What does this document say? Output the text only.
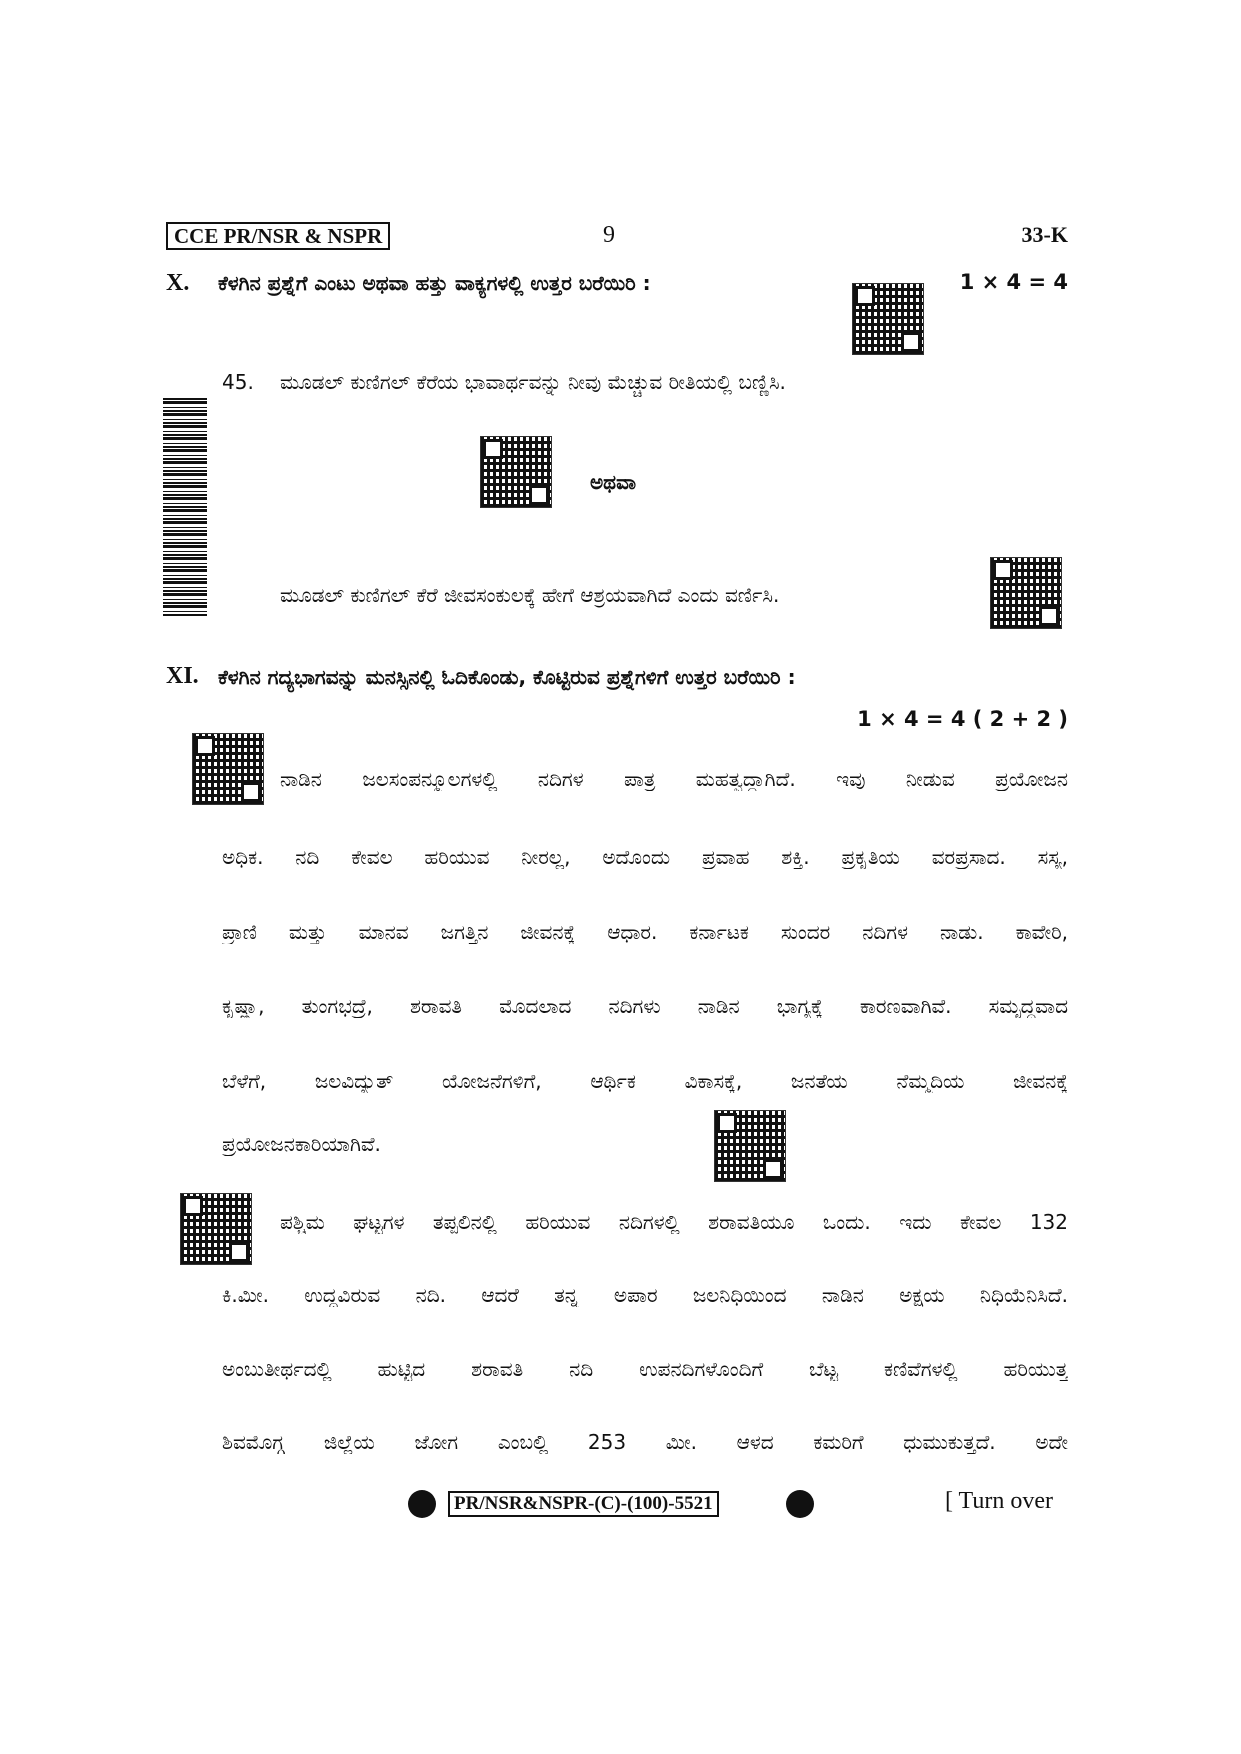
CCE PR/NSR & NSPR	9	33-K
X. ಕೆಳಗಿನ ಪ್ರಶ್ನೆಗೆ ಎಂಟು ಅಥವಾ ಹತ್ತು ವಾಕ್ಯಗಳಲ್ಲಿ ಉತ್ತರ ಬರೆಯಿರಿ :	1 × 4 = 4
45. ಮೂಡಲ್ ಕುಣಿಗಲ್ ಕೆರೆಯ ಭಾವಾರ್ಥವನ್ನು ನೀವು ಮೆಚ್ಚುವ ರೀತಿಯಲ್ಲಿ ಬಣ್ಣಿಸಿ.
ಅಥವಾ
ಮೂಡಲ್ ಕುಣಿಗಲ್ ಕೆರೆ ಜೀವಸಂಕುಲಕ್ಕೆ ಹೇಗೆ ಆಶ್ರಯವಾಗಿದೆ ಎಂದು ವರ್ಣಿಸಿ.
XI. ಕೆಳಗಿನ ಗದ್ಯಭಾಗವನ್ನು ಮನಸ್ಸಿನಲ್ಲಿ ಓದಿಕೊಂಡು, ಕೊಟ್ಟಿರುವ ಪ್ರಶ್ನೆಗಳಿಗೆ ಉತ್ತರ ಬರೆಯಿರಿ :
1 × 4 = 4 ( 2 + 2 )
ನಾಡಿನ ಜಲಸಂಪನ್ಮೂಲಗಳಲ್ಲಿ ನದಿಗಳ ಪಾತ್ರ ಮಹತ್ವದ್ದಾಗಿದೆ. ಇವು ನೀಡುವ ಪ್ರಯೋಜನ
ಅಧಿಕ. ನದಿ ಕೇವಲ ಹರಿಯುವ ನೀರಲ್ಲ, ಅದೊಂದು ಪ್ರವಾಹ ಶಕ್ತಿ. ಪ್ರಕೃತಿಯ ವರಪ್ರಸಾದ. ಸಸ್ಯ,
ಪ್ರಾಣಿ ಮತ್ತು ಮಾನವ ಜಗತ್ತಿನ ಜೀವನಕ್ಕೆ ಆಧಾರ. ಕರ್ನಾಟಕ ಸುಂದರ ನದಿಗಳ ನಾಡು. ಕಾವೇರಿ,
ಕೃಷ್ಣಾ, ತುಂಗಭದ್ರೆ, ಶರಾವತಿ ಮೊದಲಾದ ನದಿಗಳು ನಾಡಿನ ಭಾಗ್ಯಕ್ಕೆ ಕಾರಣವಾಗಿವೆ. ಸಮೃದ್ಧವಾದ
ಬೆಳೆಗೆ, ಜಲವಿದ್ಯುತ್ ಯೋಜನೆಗಳಿಗೆ, ಆರ್ಥಿಕ ವಿಕಾಸಕ್ಕೆ, ಜನತೆಯ ನೆಮ್ಮದಿಯ ಜೀವನಕ್ಕೆ
ಪ್ರಯೋಜನಕಾರಿಯಾಗಿವೆ.
ಪಶ್ಚಿಮ ಘಟ್ಟಗಳ ತಪ್ಪಲಿನಲ್ಲಿ ಹರಿಯುವ ನದಿಗಳಲ್ಲಿ ಶರಾವತಿಯೂ ಒಂದು. ಇದು ಕೇವಲ 132
ಕಿ.ಮೀ. ಉದ್ದವಿರುವ ನದಿ. ಆದರೆ ತನ್ನ ಅಪಾರ ಜಲನಿಧಿಯಿಂದ ನಾಡಿನ ಅಕ್ಷಯ ನಿಧಿಯೆನಿಸಿದೆ.
ಅಂಬುತೀರ್ಥದಲ್ಲಿ ಹುಟ್ಟಿದ ಶರಾವತಿ ನದಿ ಉಪನದಿಗಳೊಂದಿಗೆ ಬೆಟ್ಟ ಕಣಿವೆಗಳಲ್ಲಿ ಹರಿಯುತ್ತ
ಶಿವಮೊಗ್ಗ ಜಿಲ್ಲೆಯ ಜೋಗ ಎಂಬಲ್ಲಿ 253 ಮೀ. ಆಳದ ಕಮರಿಗೆ ಧುಮುಕುತ್ತದೆ. ಅದೇ
PR/NSR&NSPR-(C)-(100)-5521	[ Turn over
